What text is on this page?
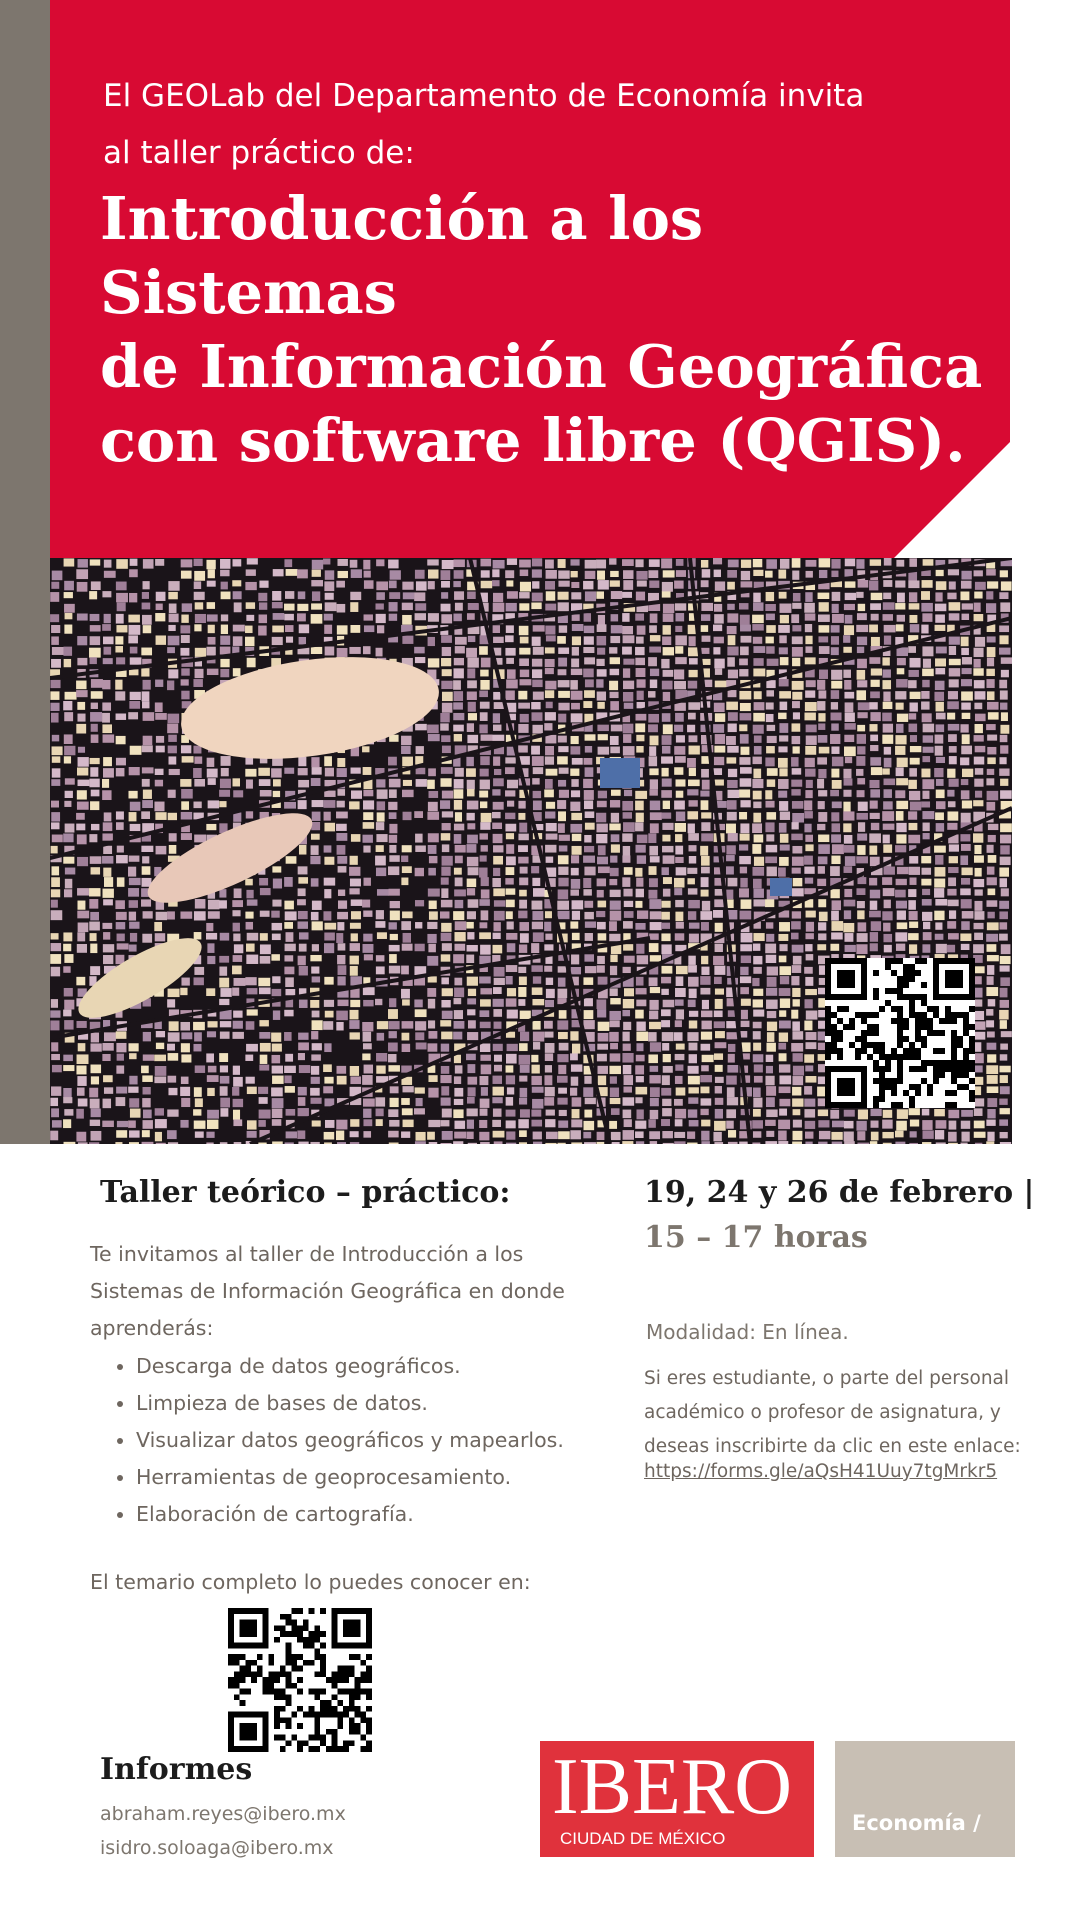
El GEOLab del Departamento de Economía invita
al taller práctico de:
Introducción a los Sistemas
de Información Geográfica
con software libre (QGIS).
Taller teórico – práctico:
Te invitamos al taller de Introducción a los
Sistemas de Información Geográfica en donde
aprenderás:
• Descarga de datos geográficos.
• Limpieza de bases de datos.
• Visualizar datos geográficos y mapearlos.
• Herramientas de geoprocesamiento.
• Elaboración de cartografía.
19, 24 y 26 de febrero |
15 – 17 horas
Modalidad: En línea.
Si eres estudiante, o parte del personal
académico o profesor de asignatura, y
deseas inscribirte da clic en este enlace:
https://forms.gle/aQsH41Uuy7tgMrkr5
El temario completo lo puedes conocer en:
Informes
abraham.reyes@ibero.mx
isidro.soloaga@ibero.mx
IBERO
CIUDAD DE MÉXICO
Economía /
